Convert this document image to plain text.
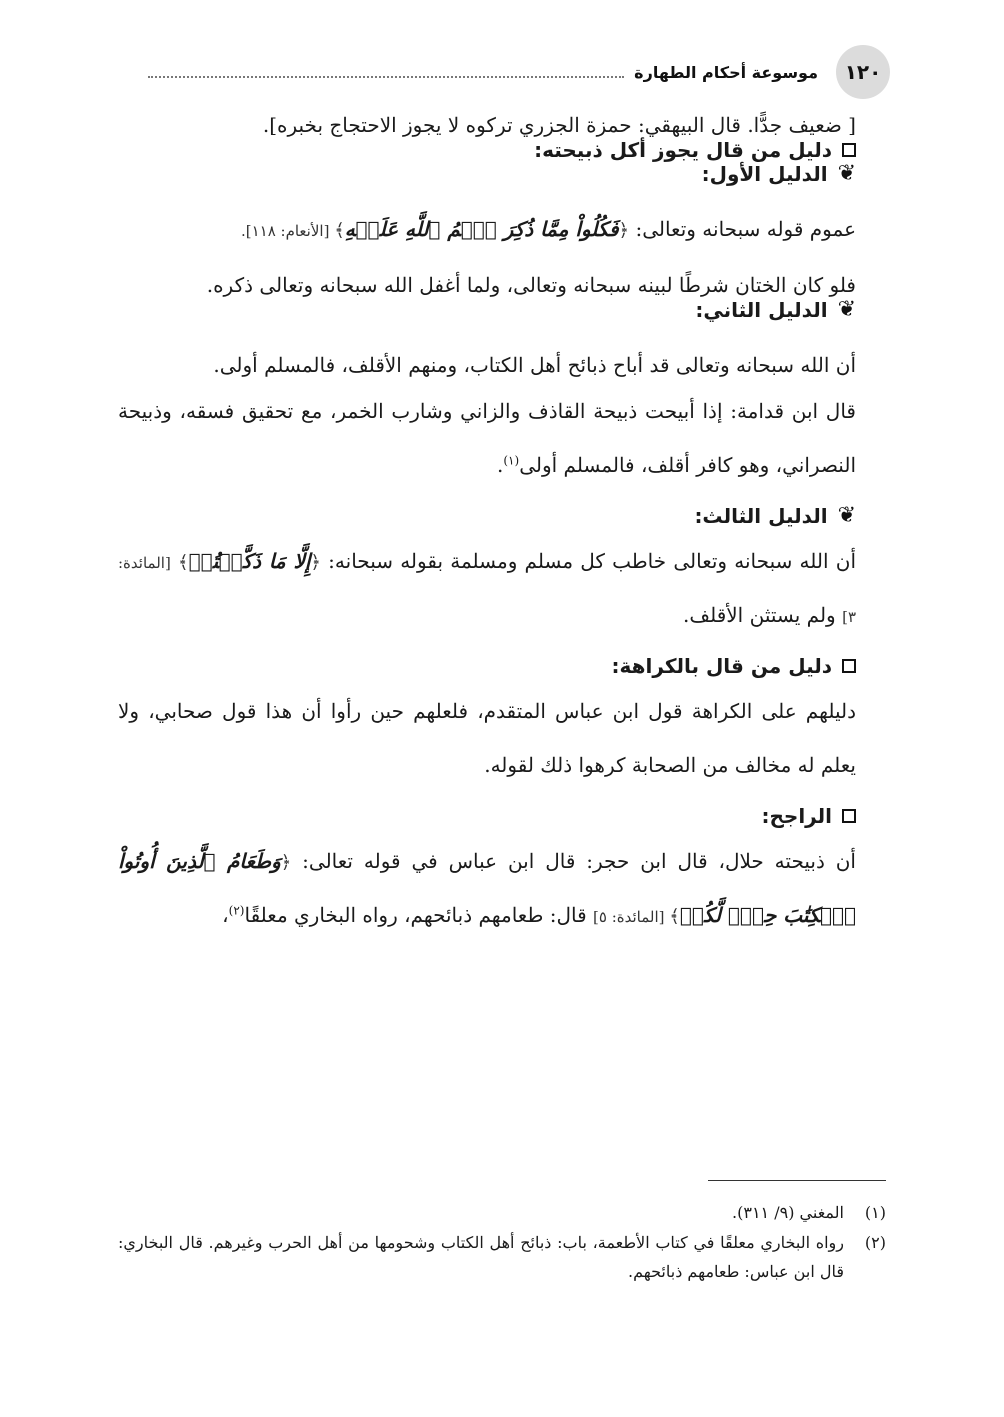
١٢٠
موسوعة أحكام الطهارة

[ ضعيف جدًّا. قال البيهقي: حمزة الجزري تركوه لا يجوز الاحتجاج بخبره].

دليل من قال يجوز أكل ذبيحته:
❦
الدليل الأول:

عموم قوله سبحانه وتعالى: ﴿فَكُلُواْ مِمَّا ذُكِرَ ٱسۡمُ ٱللَّهِ عَلَيۡهِ﴾ [الأنعام: ١١٨].

فلو كان الختان شرطًا لبينه سبحانه وتعالى، ولما أغفل الله سبحانه وتعالى ذكره.

❦
الدليل الثاني:

أن الله سبحانه وتعالى قد أباح ذبائح أهل الكتاب، ومنهم الأقلف، فالمسلم أولى.

قال ابن قدامة: إذا أبيحت ذبيحة القاذف والزاني وشارب الخمر، مع تحقيق فسقه، وذبيحة النصراني، وهو كافر أقلف، فالمسلم أولى$^{(١)}$.

❦
الدليل الثالث:

أن الله سبحانه وتعالى خاطب كل مسلم ومسلمة بقوله سبحانه: ﴿إِلَّا مَا ذَكَّيۡتُمۡ﴾ [المائدة: ٣] ولم يستثن الأقلف.

دليل من قال بالكراهة:

دليلهم على الكراهة قول ابن عباس المتقدم، فلعلهم حين رأوا أن هذا قول صحابي، ولا يعلم له مخالف من الصحابة كرهوا ذلك لقوله.

الراجح:

أن ذبيحته حلال، قال ابن حجر: قال ابن عباس في قوله تعالى: ﴿وَطَعَامُ ٱلَّذِينَ أُوتُواْ ٱلۡكِتَٰبَ حِلّٞ لَّكُمۡ﴾ [المائدة: ٥] قال: طعامهم ذبائحهم، رواه البخاري معلقًا$^{(٢)}$،

(١)
المغني (٩/ ٣١١).

(٢)
رواه البخاري معلقًا في كتاب الأطعمة، باب: ذبائح أهل الكتاب وشحومها من أهل الحرب وغيرهم. قال البخاري: قال ابن عباس: طعامهم ذبائحهم.
